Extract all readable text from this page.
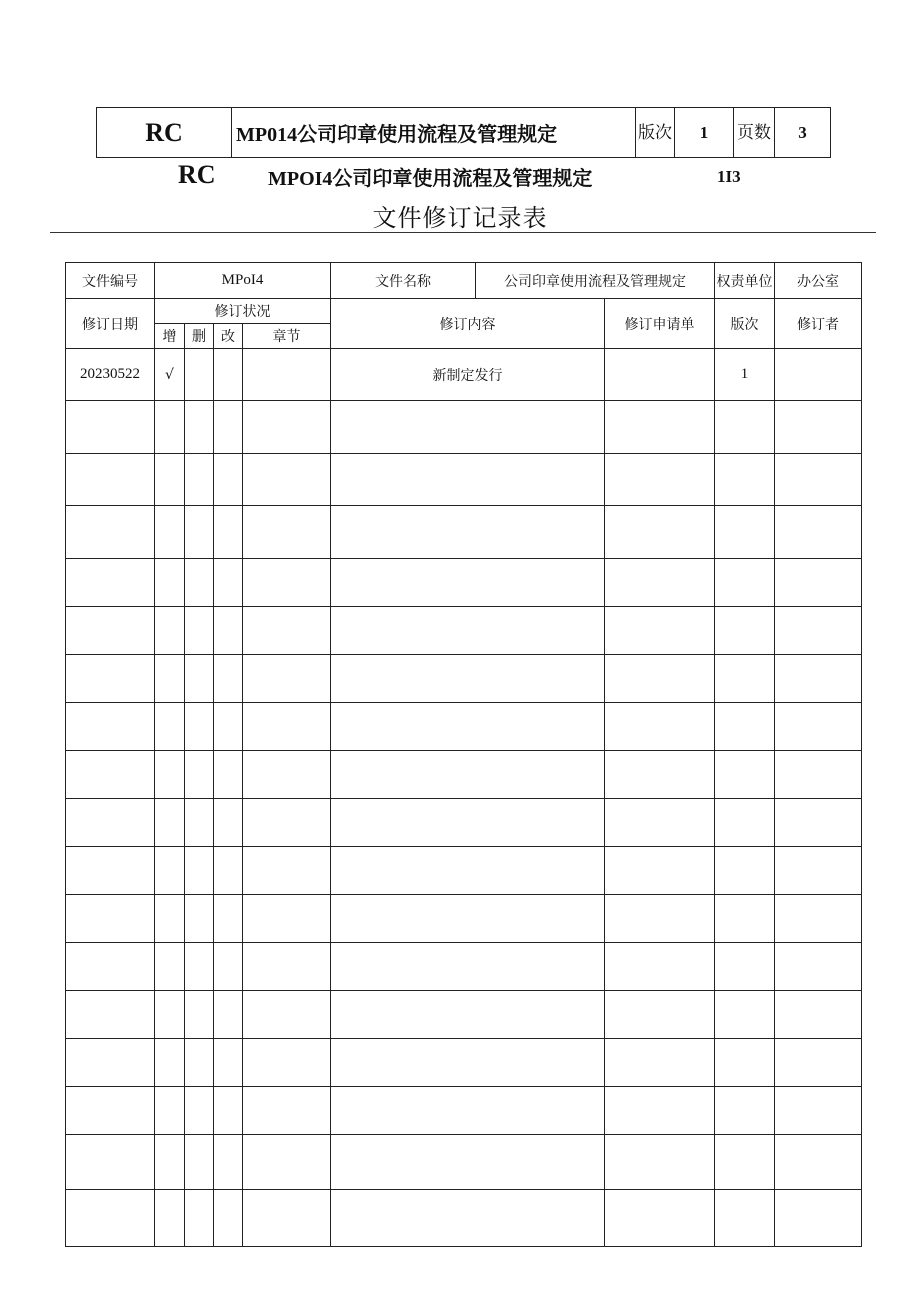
RC	MP014公司印章使用流程及管理规定	版次	1	页数	3
RC	MPOI4公司印章使用流程及管理规定	1I3
文件修订记录表
文件编号	MPoI4				文件名称	公司印章使用流程及管理规定		权责单位	办公室
修订日期	修订状况				修订内容		修订申请单	版次	修订者
	增	删	改	章节					
20230522	√				新制定发行			1	
